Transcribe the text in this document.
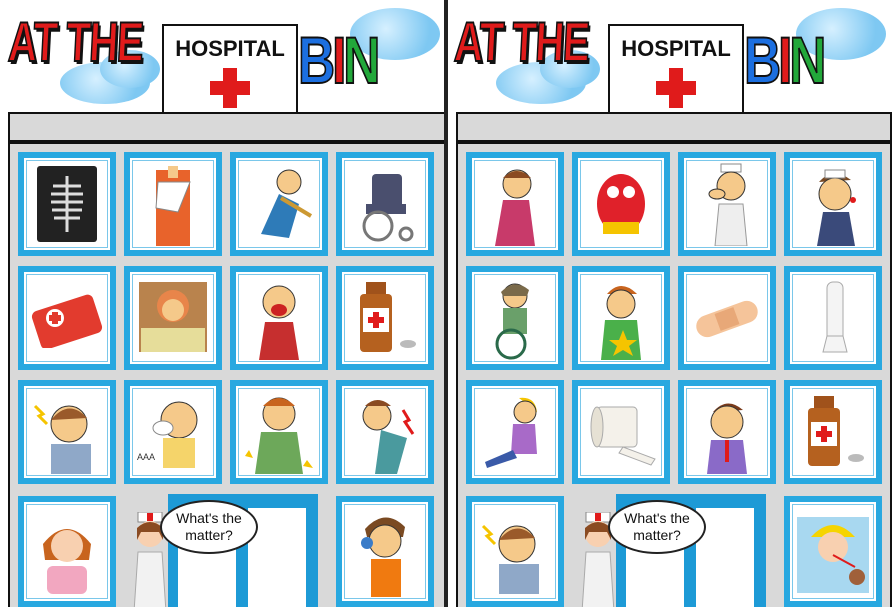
AT THE	HOSPITAL BIN
AAA
What's the matter?
AT THE	HOSPITAL BIN
What's the matter?
